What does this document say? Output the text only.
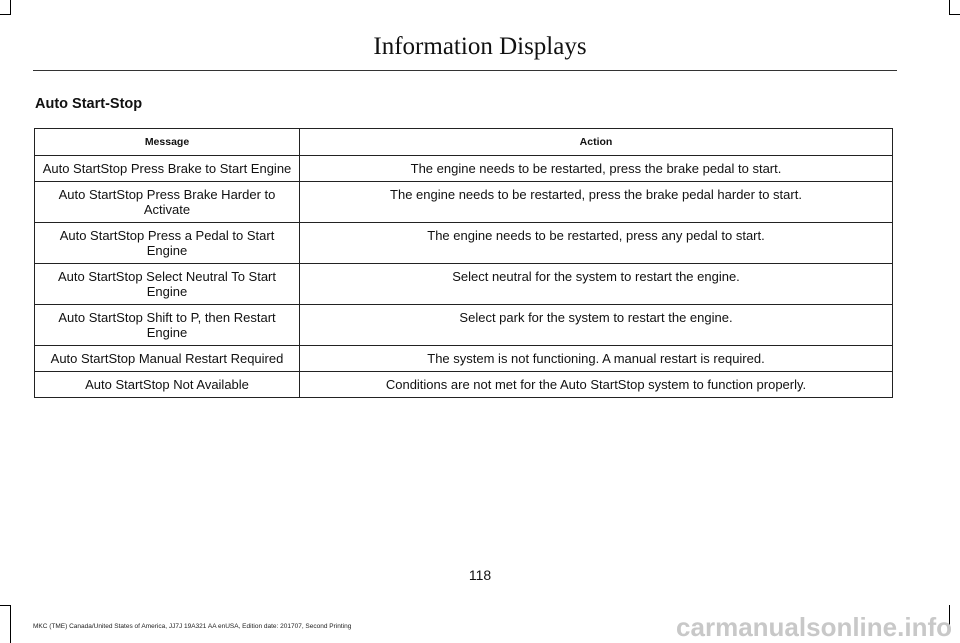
Information Displays
Auto Start-Stop
Message	Action
Auto StartStop Press Brake to Start Engine	The engine needs to be restarted, press the brake pedal to start.
Auto StartStop Press Brake Harder to Activate	The engine needs to be restarted, press the brake pedal harder to start.
Auto StartStop Press a Pedal to Start Engine	The engine needs to be restarted, press any pedal to start.
Auto StartStop Select Neutral To Start Engine	Select neutral for the system to restart the engine.
Auto StartStop Shift to P, then Restart Engine	Select park for the system to restart the engine.
Auto StartStop Manual Restart Required	The system is not functioning. A manual restart is required.
Auto StartStop Not Available	Conditions are not met for the Auto StartStop system to function properly.
118
MKC (TME) Canada/United States of America, JJ7J 19A321 AA enUSA, Edition date: 201707, Second Printing	carmanualsonline.info
